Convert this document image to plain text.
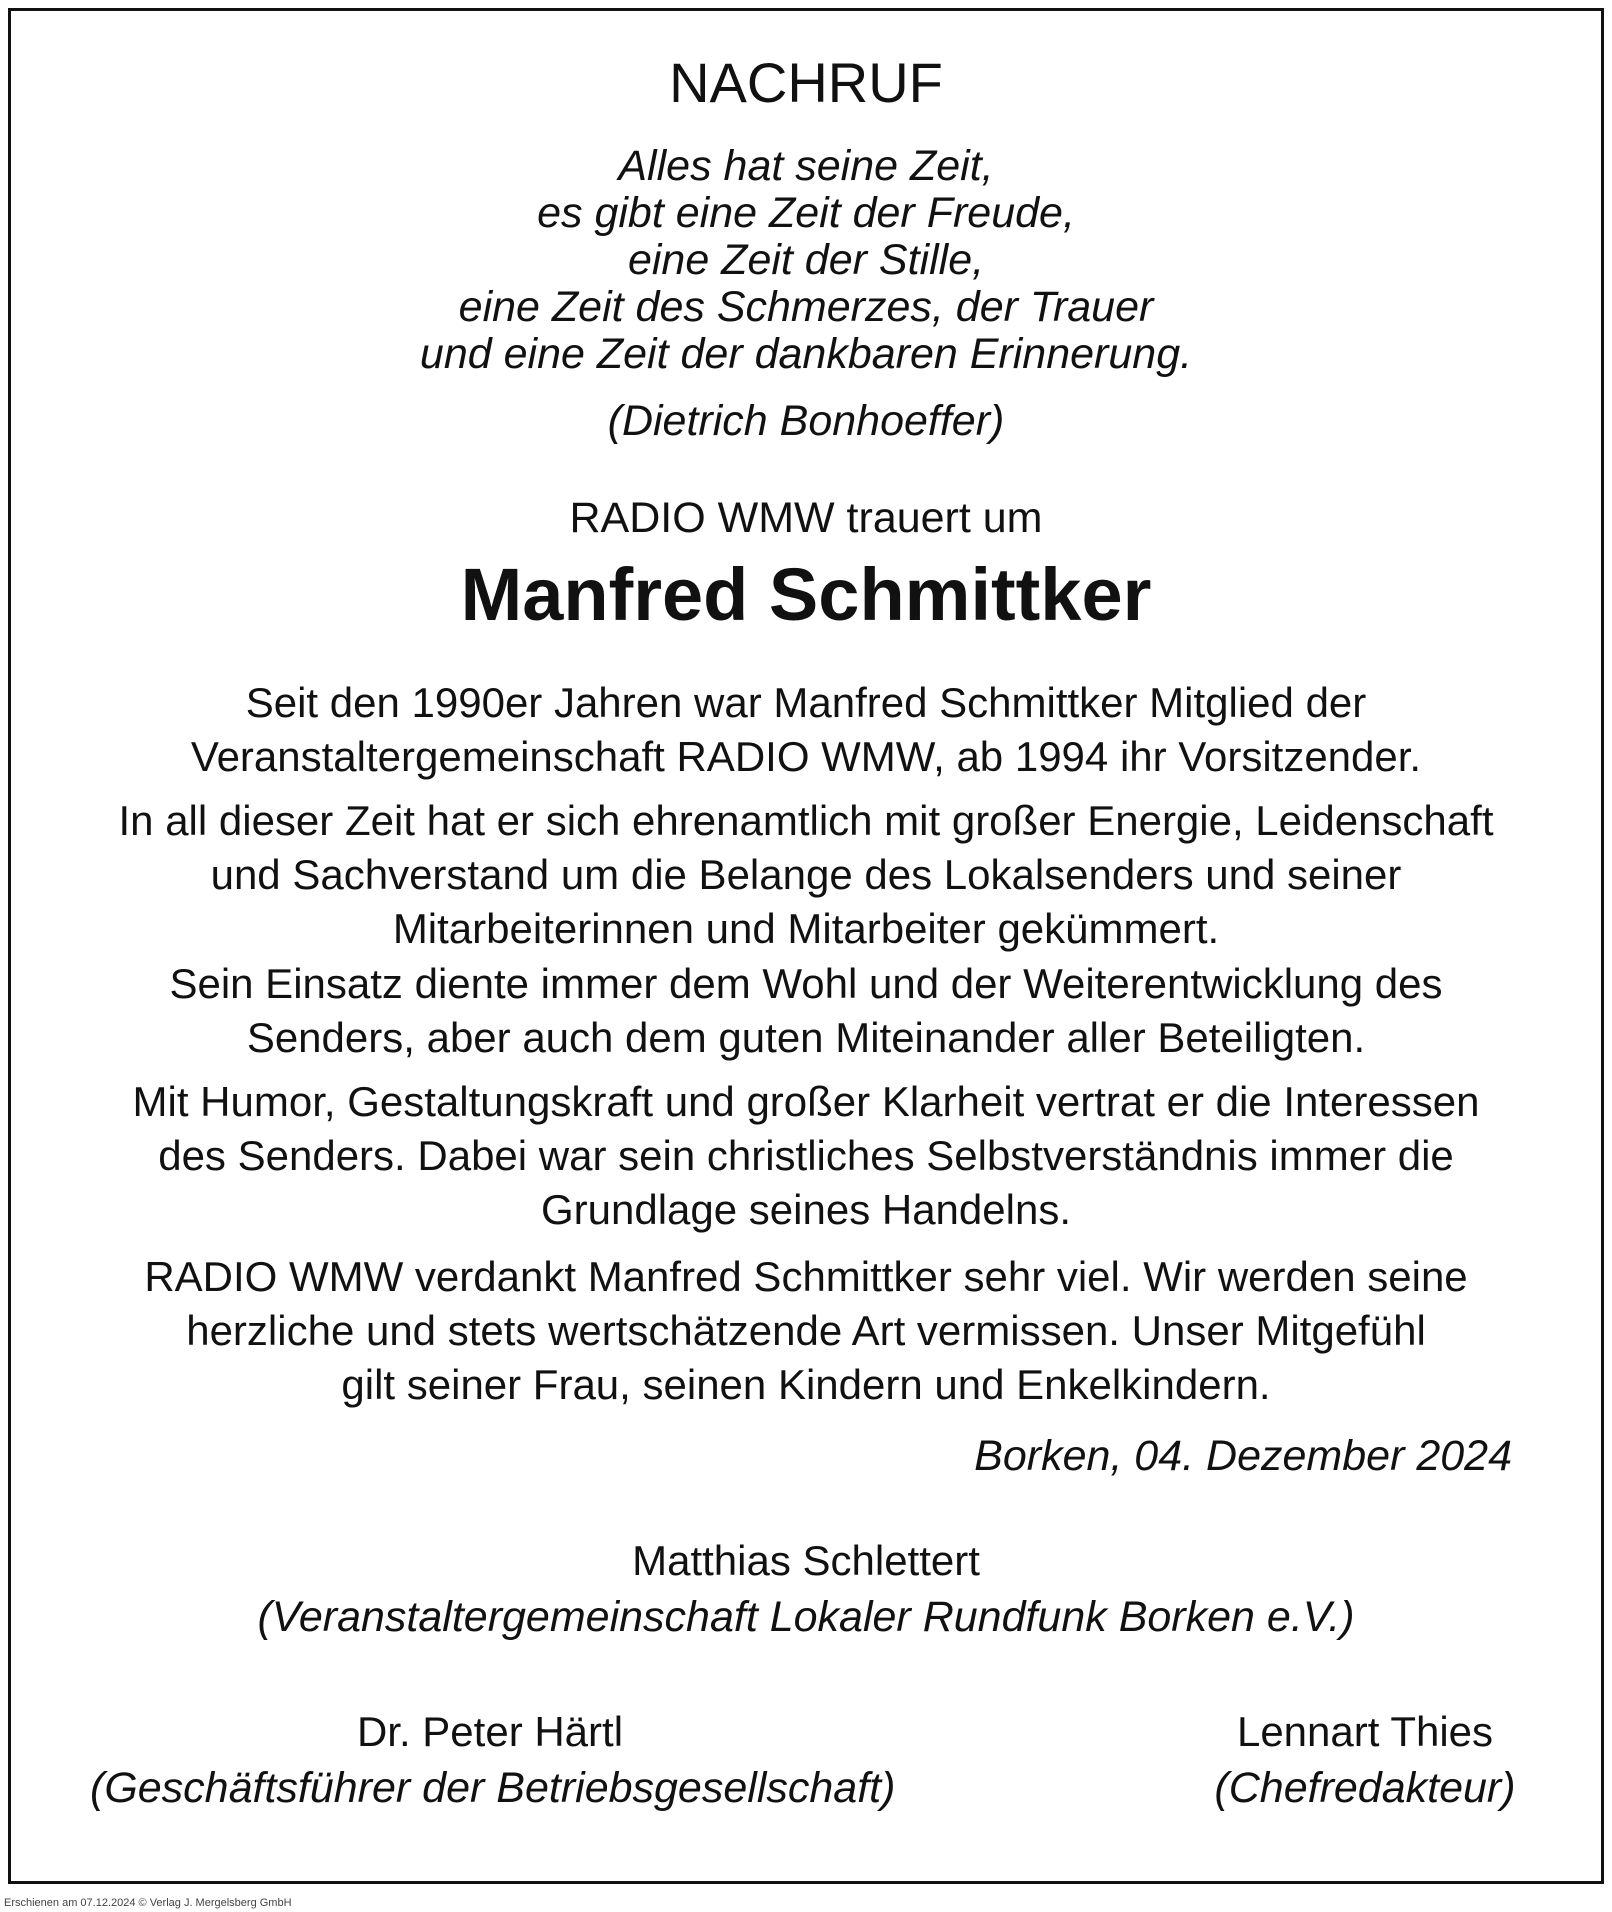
NACHRUF
Alles hat seine Zeit,
es gibt eine Zeit der Freude,
eine Zeit der Stille,
eine Zeit des Schmerzes, der Trauer
und eine Zeit der dankbaren Erinnerung.
(Dietrich Bonhoeffer)
RADIO WMW trauert um
Manfred Schmittker
Seit den 1990er Jahren war Manfred Schmittker Mitglied der
Veranstaltergemeinschaft RADIO WMW, ab 1994 ihr Vorsitzender.
In all dieser Zeit hat er sich ehrenamtlich mit großer Energie, Leidenschaft
und Sachverstand um die Belange des Lokalsenders und seiner
Mitarbeiterinnen und Mitarbeiter gekümmert.
Sein Einsatz diente immer dem Wohl und der Weiterentwicklung des
Senders, aber auch dem guten Miteinander aller Beteiligten.
Mit Humor, Gestaltungskraft und großer Klarheit vertrat er die Interessen
des Senders. Dabei war sein christliches Selbstverständnis immer die
Grundlage seines Handelns.
RADIO WMW verdankt Manfred Schmittker sehr viel. Wir werden seine
herzliche und stets wertschätzende Art vermissen. Unser Mitgefühl
gilt seiner Frau, seinen Kindern und Enkelkindern.
Borken, 04. Dezember 2024
Matthias Schlettert
(Veranstaltergemeinschaft Lokaler Rundfunk Borken e.V.)
Dr. Peter Härtl
(Geschäftsführer der Betriebsgesellschaft)
Lennart Thies
(Chefredakteur)
Erschienen am 07.12.2024 © Verlag J. Mergelsberg GmbH
